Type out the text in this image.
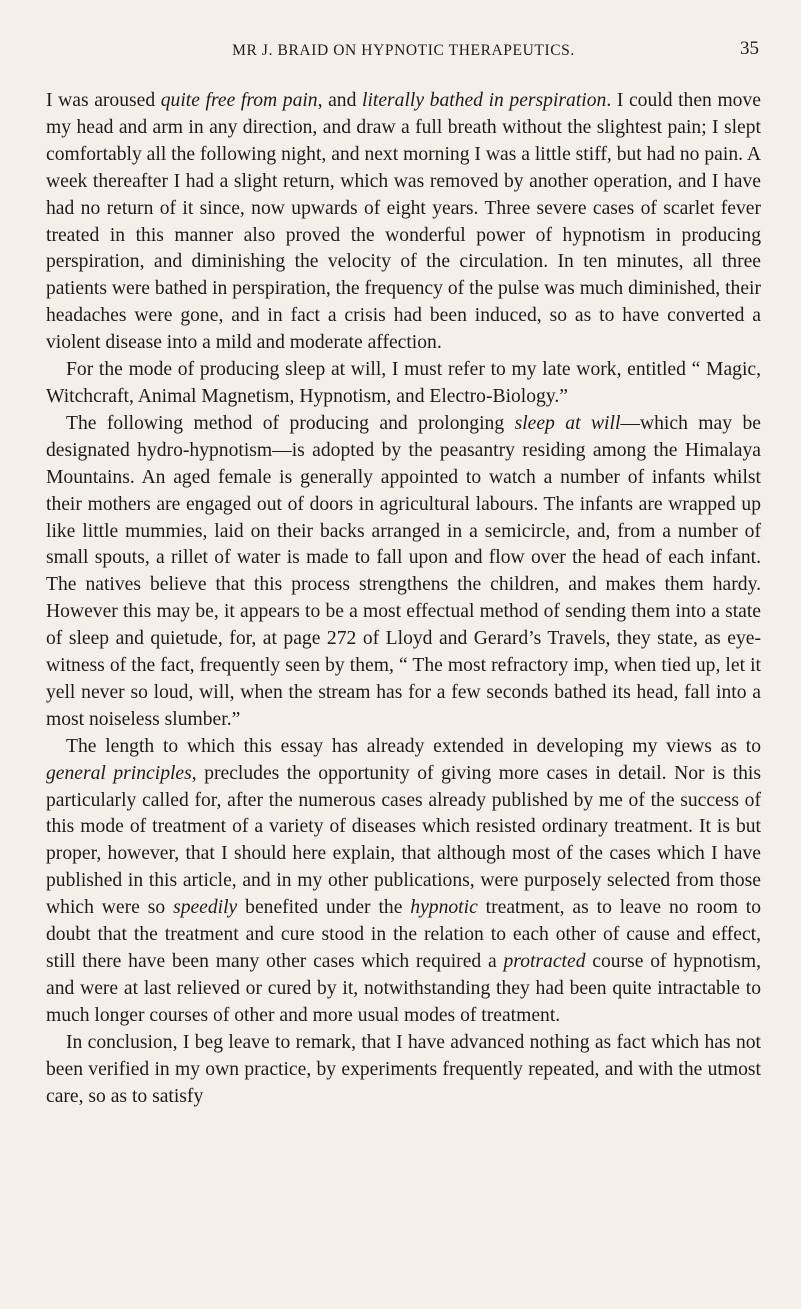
MR J. BRAID ON HYPNOTIC THERAPEUTICS.	35

I was aroused quite free from pain, and literally bathed in perspiration. I could then move my head and arm in any direction, and draw a full breath without the slightest pain; I slept comfortably all the following night, and next morning I was a little stiff, but had no pain. A week thereafter I had a slight return, which was removed by another operation, and I have had no return of it since, now upwards of eight years. Three severe cases of scarlet fever treated in this manner also proved the wonderful power of hypnotism in producing perspiration, and diminishing the velocity of the circulation. In ten minutes, all three patients were bathed in perspiration, the frequency of the pulse was much diminished, their headaches were gone, and in fact a crisis had been induced, so as to have converted a violent disease into a mild and moderate affection.

For the mode of producing sleep at will, I must refer to my late work, entitled “ Magic, Witchcraft, Animal Magnetism, Hypnotism, and Electro-Biology.”

The following method of producing and prolonging sleep at will—which may be designated hydro-hypnotism—is adopted by the peasantry residing among the Himalaya Mountains. An aged female is generally appointed to watch a number of infants whilst their mothers are engaged out of doors in agricultural labours. The infants are wrapped up like little mummies, laid on their backs arranged in a semicircle, and, from a number of small spouts, a rillet of water is made to fall upon and flow over the head of each infant. The natives believe that this process strengthens the children, and makes them hardy. However this may be, it appears to be a most effectual method of sending them into a state of sleep and quietude, for, at page 272 of Lloyd and Gerard’s Travels, they state, as eye-witness of the fact, frequently seen by them, “ The most refractory imp, when tied up, let it yell never so loud, will, when the stream has for a few seconds bathed its head, fall into a most noiseless slumber.”

The length to which this essay has already extended in developing my views as to general principles, precludes the opportunity of giving more cases in detail. Nor is this particularly called for, after the numerous cases already published by me of the success of this mode of treatment of a variety of diseases which resisted ordinary treatment. It is but proper, however, that I should here explain, that although most of the cases which I have published in this article, and in my other publications, were purposely selected from those which were so speedily benefited under the hypnotic treatment, as to leave no room to doubt that the treatment and cure stood in the relation to each other of cause and effect, still there have been many other cases which required a protracted course of hypnotism, and were at last relieved or cured by it, notwithstanding they had been quite intractable to much longer courses of other and more usual modes of treatment.

In conclusion, I beg leave to remark, that I have advanced nothing as fact which has not been verified in my own practice, by experiments frequently repeated, and with the utmost care, so as to satisfy
